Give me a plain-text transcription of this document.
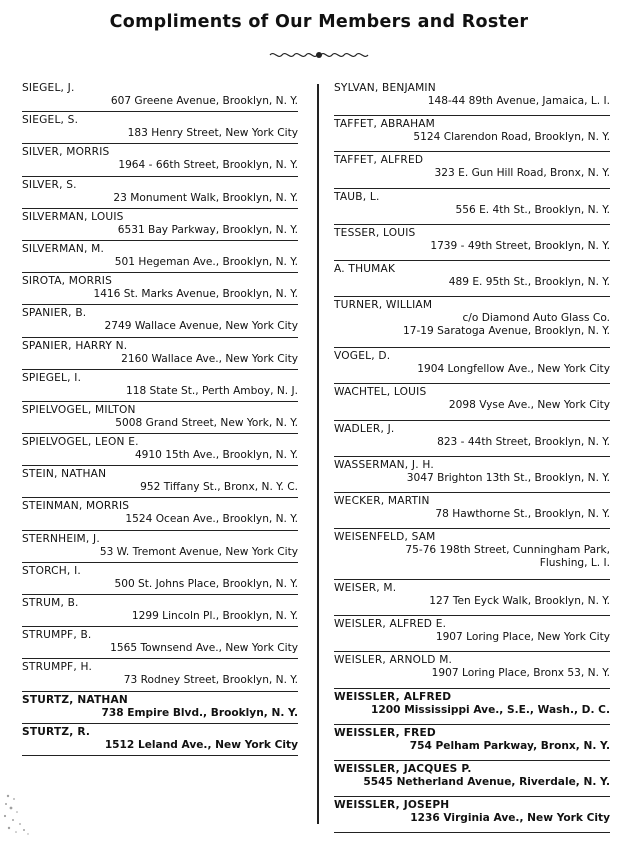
Compliments of Our Members and Roster
SIEGEL, J.
607 Greene Avenue, Brooklyn, N. Y.
SIEGEL, S.
183 Henry Street, New York City
SILVER, MORRIS
1964 - 66th Street, Brooklyn, N. Y.
SILVER, S.
23 Monument Walk, Brooklyn, N. Y.
SILVERMAN, LOUIS
6531 Bay Parkway, Brooklyn, N. Y.
SILVERMAN, M.
501 Hegeman Ave., Brooklyn, N. Y.
SIROTA, MORRIS
1416 St. Marks Avenue, Brooklyn, N. Y.
SPANIER, B.
2749 Wallace Avenue, New York City
SPANIER, HARRY N.
2160 Wallace Ave., New York City
SPIEGEL, I.
118 State St., Perth Amboy, N. J.
SPIELVOGEL, MILTON
5008 Grand Street, New York, N. Y.
SPIELVOGEL, LEON E.
4910 15th Ave., Brooklyn, N. Y.
STEIN, NATHAN
952 Tiffany St., Bronx, N. Y. C.
STEINMAN, MORRIS
1524 Ocean Ave., Brooklyn, N. Y.
STERNHEIM, J.
53 W. Tremont Avenue, New York City
STORCH, I.
500 St. Johns Place, Brooklyn, N. Y.
STRUM, B.
1299 Lincoln Pl., Brooklyn, N. Y.
STRUMPF, B.
1565 Townsend Ave., New York City
STRUMPF, H.
73 Rodney Street, Brooklyn, N. Y.
STURTZ, NATHAN
738 Empire Blvd., Brooklyn, N. Y.
STURTZ, R.
1512 Leland Ave., New York City
SYLVAN, BENJAMIN
148-44 89th Avenue, Jamaica, L. I.
TAFFET, ABRAHAM
5124 Clarendon Road, Brooklyn, N. Y.
TAFFET, ALFRED
323 E. Gun Hill Road, Bronx, N. Y.
TAUB, L.
556 E. 4th St., Brooklyn, N. Y.
TESSER, LOUIS
1739 - 49th Street, Brooklyn, N. Y.
A. THUMAK
489 E. 95th St., Brooklyn, N. Y.
TURNER, WILLIAM
c/o Diamond Auto Glass Co.
17-19 Saratoga Avenue, Brooklyn, N. Y.
VOGEL, D.
1904 Longfellow Ave., New York City
WACHTEL, LOUIS
2098 Vyse Ave., New York City
WADLER, J.
823 - 44th Street, Brooklyn, N. Y.
WASSERMAN, J. H.
3047 Brighton 13th St., Brooklyn, N. Y.
WECKER, MARTIN
78 Hawthorne St., Brooklyn, N. Y.
WEISENFELD, SAM
75-76 198th Street, Cunningham Park,
Flushing, L. I.
WEISER, M.
127 Ten Eyck Walk, Brooklyn, N. Y.
WEISLER, ALFRED E.
1907 Loring Place, New York City
WEISLER, ARNOLD M.
1907 Loring Place, Bronx 53, N. Y.
WEISSLER, ALFRED
1200 Mississippi Ave., S.E., Wash., D. C.
WEISSLER, FRED
754 Pelham Parkway, Bronx, N. Y.
WEISSLER, JACQUES P.
5545 Netherland Avenue, Riverdale, N. Y.
WEISSLER, JOSEPH
1236 Virginia Ave., New York City
